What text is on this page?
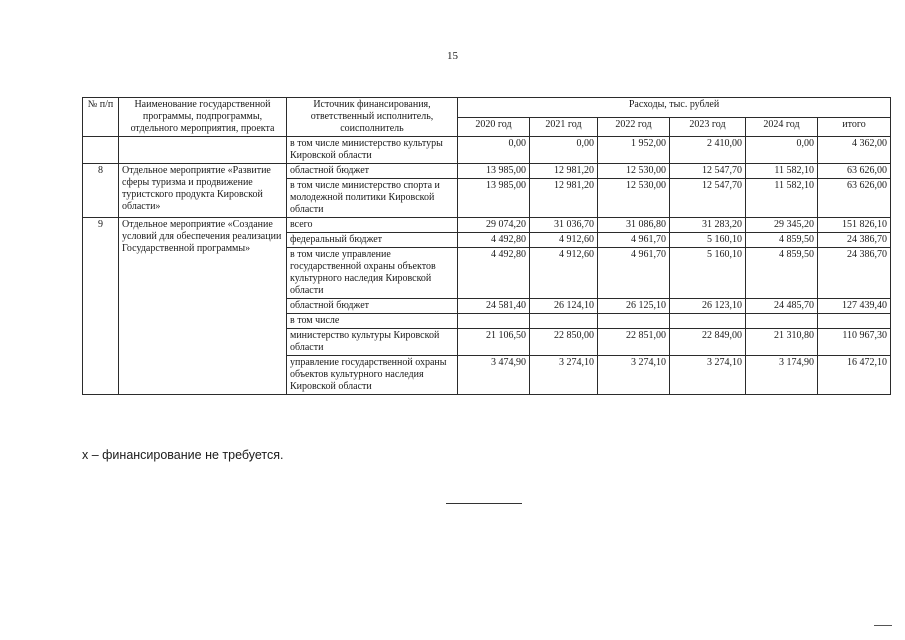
15
№ п/п	Наименование государственной программы, подпрограммы, отдельного мероприятия, проекта	Источник финансирования, ответственный исполнитель, соисполнитель	Расходы, тыс. рублей					
			2020 год	2021 год	2022 год	2023 год	2024 год	итого
		в том числе министерство культуры Кировской области	0,00	0,00	1 952,00	2 410,00	0,00	4 362,00
8	Отдельное мероприятие «Развитие сферы туризма и продвижение туристского продукта Кировской области»	областной бюджет	13 985,00	12 981,20	12 530,00	12 547,70	11 582,10	63 626,00
		в том числе министерство спорта и молодежной политики Кировской области	13 985,00	12 981,20	12 530,00	12 547,70	11 582,10	63 626,00
9	Отдельное мероприятие «Создание условий для обеспечения реализации Государственной программы»	всего	29 074,20	31 036,70	31 086,80	31 283,20	29 345,20	151 826,10
		федеральный бюджет	4 492,80	4 912,60	4 961,70	5 160,10	4 859,50	24 386,70
		в том числе управление государственной охраны объектов культурного наследия Кировской области	4 492,80	4 912,60	4 961,70	5 160,10	4 859,50	24 386,70
		областной бюджет	24 581,40	26 124,10	26 125,10	26 123,10	24 485,70	127 439,40
		в том числе						
		министерство культуры Кировской области	21 106,50	22 850,00	22 851,00	22 849,00	21 310,80	110 967,30
		управление государственной охраны объектов культурного наследия Кировской области	3 474,90	3 274,10	3 274,10	3 274,10	3 174,90	16 472,10
х – финансирование не требуется.
